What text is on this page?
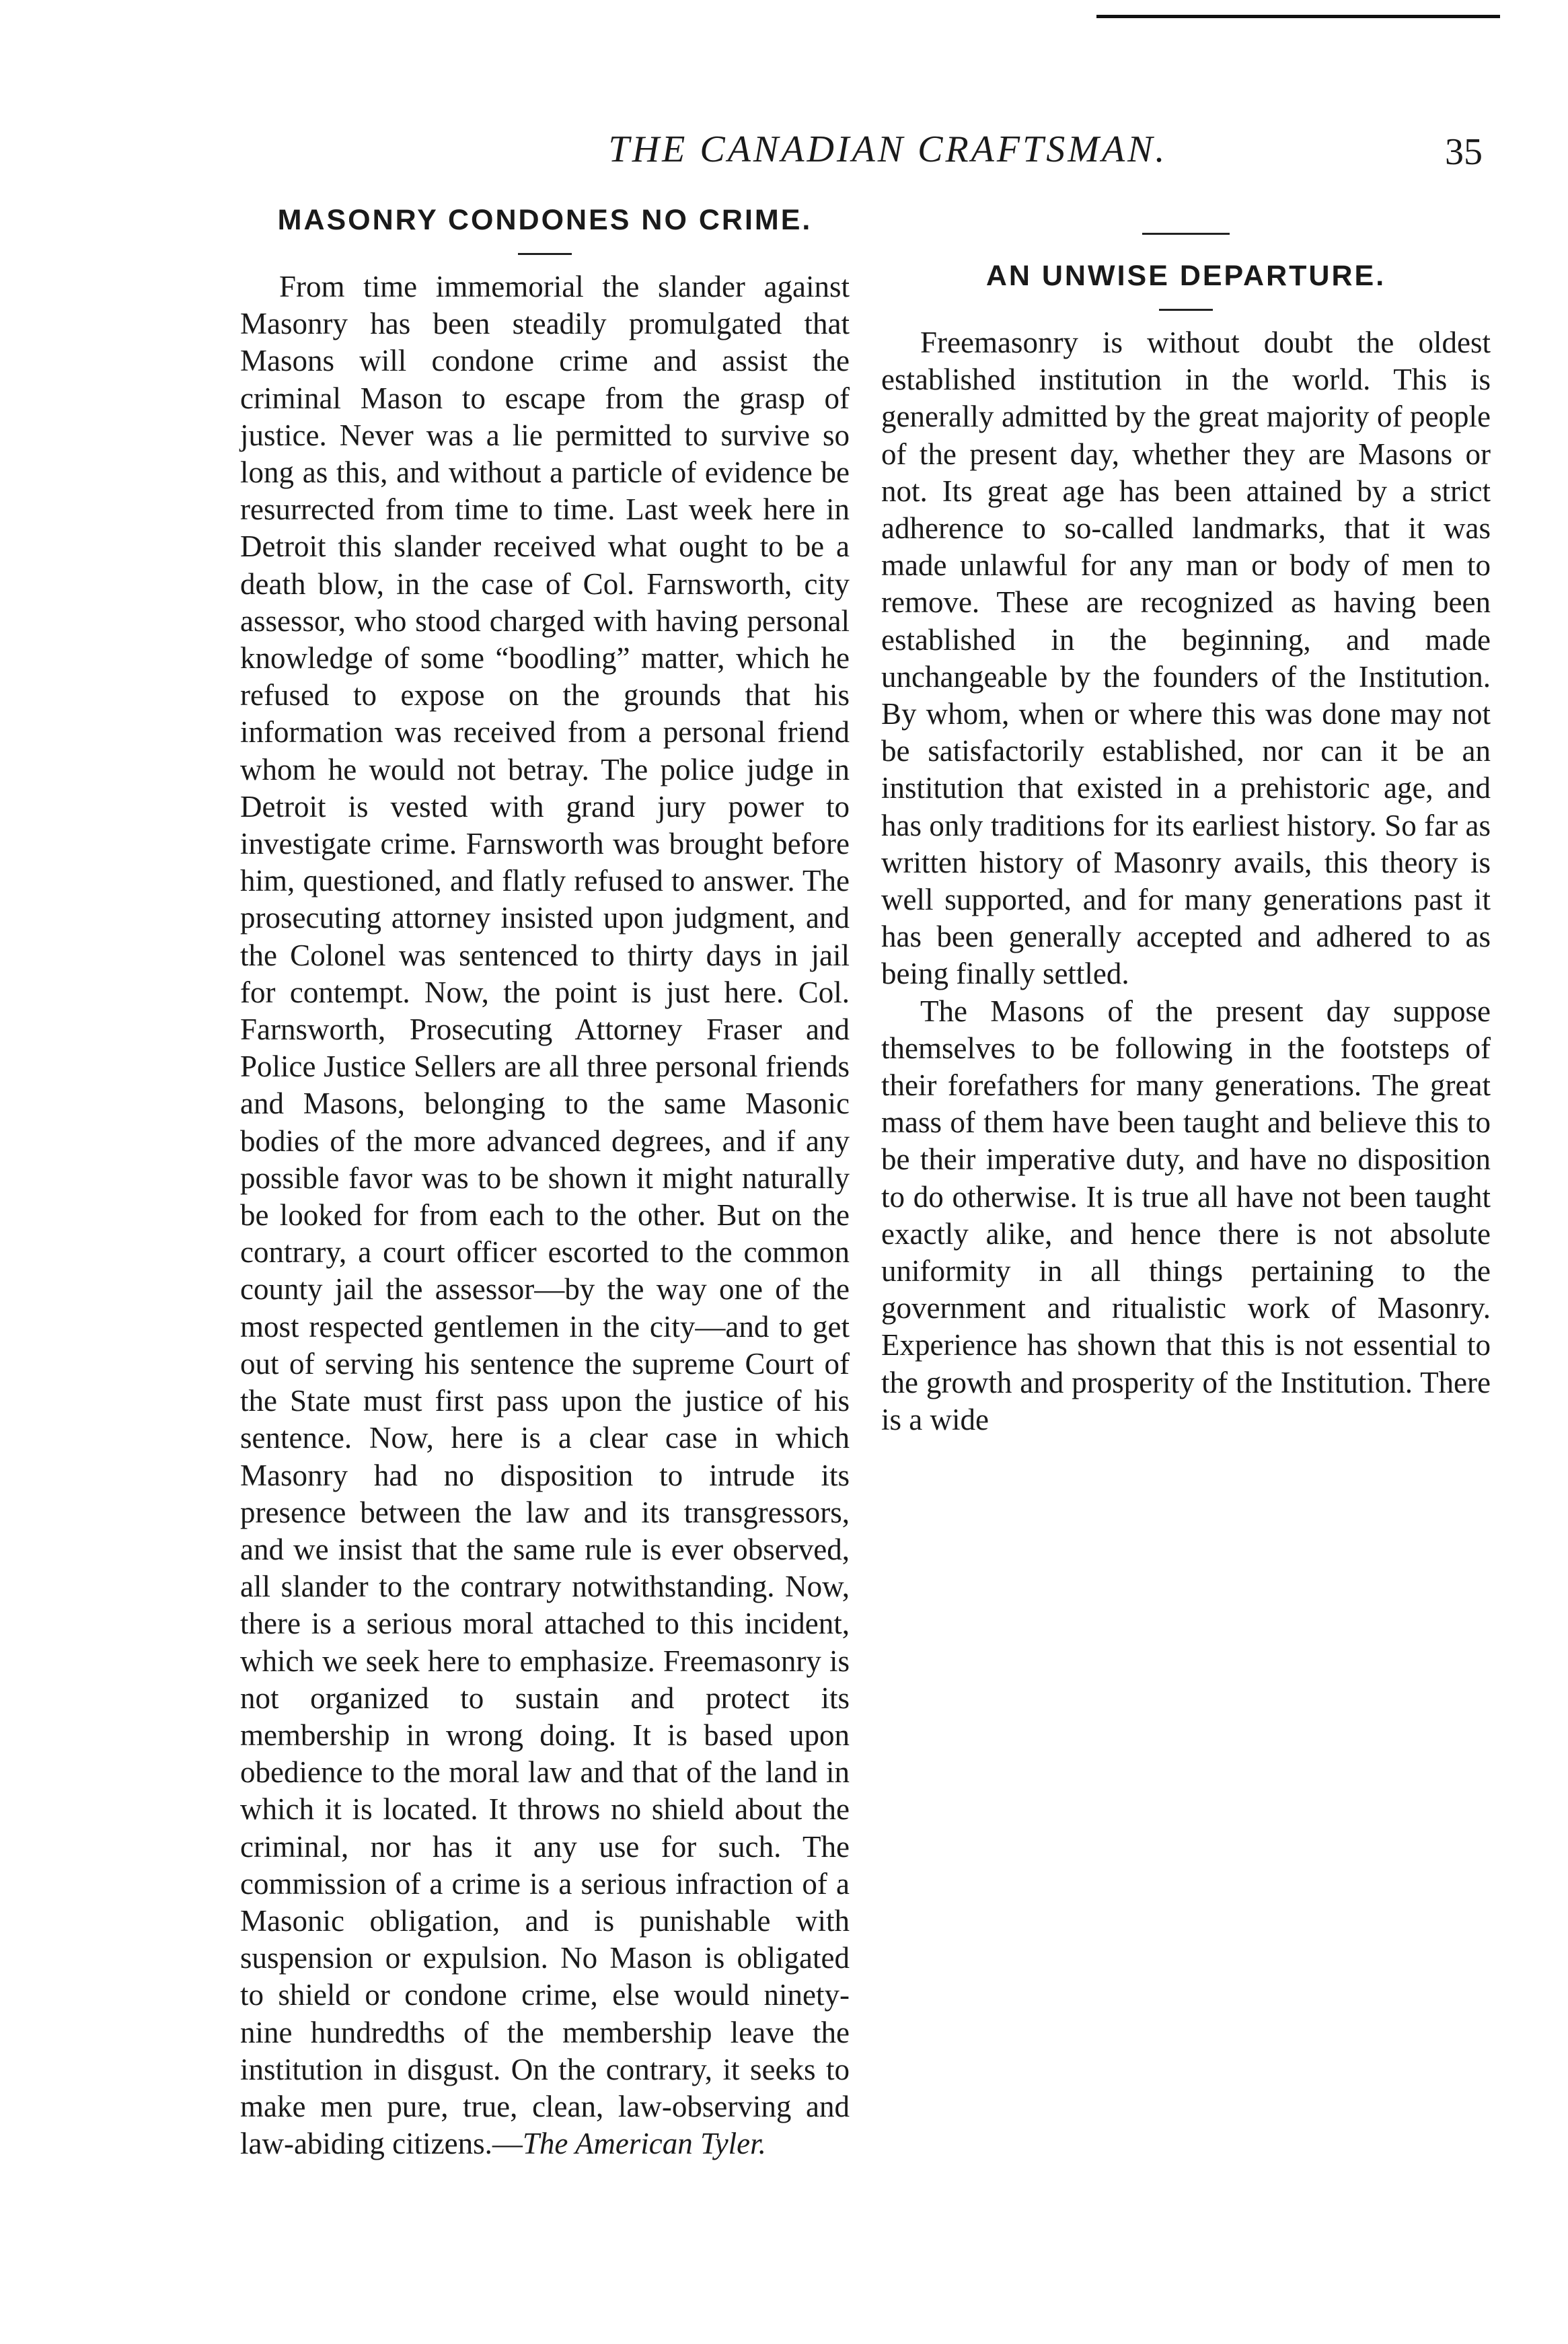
THE CANADIAN CRAFTSMAN.	35
MASONRY CONDONES NO CRIME.

From time immemorial the slander against Masonry has been steadily promulgated that Masons will condone crime and assist the criminal Mason to escape from the grasp of justice. Never was a lie permitted to survive so long as this, and without a particle of evidence be resurrected from time to time. Last week here in Detroit this slander received what ought to be a death blow, in the case of Col. Farnsworth, city assessor, who stood charged with having personal knowledge of some “boodling” matter, which he refused to expose on the grounds that his information was received from a personal friend whom he would not betray. The police judge in Detroit is vested with grand jury power to investigate crime. Farnsworth was brought before him, questioned, and flatly refused to answer. The prosecuting attorney insisted upon judgment, and the Colonel was sentenced to thirty days in jail for contempt. Now, the point is just here. Col. Farnsworth, Prosecuting Attorney Fraser and Police Justice Sellers are all three personal friends and Masons, belonging to the same Masonic bodies of the more advanced degrees, and if any possible favor was to be shown it might naturally be looked for from each to the other. But on the contrary, a court officer escorted to the common county jail the assessor—by the way one of the most respected gentlemen in the city—and to get out of serving his sentence the supreme Court of the State must first pass upon the justice of his sentence. Now, here is a clear case in which Masonry had no disposition to intrude its presence between the law and its transgressors, and we insist that the same rule is ever observed, all slander to the contrary notwithstanding. Now, there is a serious moral attached to this incident, which we seek here to emphasize. Freemasonry is not organized to sustain and protect its membership in wrong doing. It is based upon obedience to the moral law and that of the land in which it is located. It throws no shield about the criminal, nor has it any use for such. The commission of a crime is a serious infraction of a Masonic obligation, and is punishable with suspension or expulsion. No Mason is obligated to shield or condone crime, else would ninety-nine hundredths of the membership leave the institution in disgust. On the contrary, it seeks to make men pure, true, clean, law-observing and law-abiding citizens.—The American Tyler.

AN UNWISE DEPARTURE.

Freemasonry is without doubt the oldest established institution in the world. This is generally admitted by the great majority of people of the present day, whether they are Masons or not. Its great age has been attained by a strict adherence to so-called landmarks, that it was made unlawful for any man or body of men to remove. These are recognized as having been established in the beginning, and made unchangeable by the founders of the Institution. By whom, when or where this was done may not be satisfactorily established, nor can it be an institution that existed in a prehistoric age, and has only traditions for its earliest history. So far as written history of Masonry avails, this theory is well supported, and for many generations past it has been generally accepted and adhered to as being finally settled.

The Masons of the present day suppose themselves to be following in the footsteps of their forefathers for many generations. The great mass of them have been taught and believe this to be their imperative duty, and have no disposition to do otherwise. It is true all have not been taught exactly alike, and hence there is not absolute uniformity in all things pertaining to the government and ritualistic work of Masonry. Experience has shown that this is not essential to the growth and prosperity of the Institution. There is a wide
